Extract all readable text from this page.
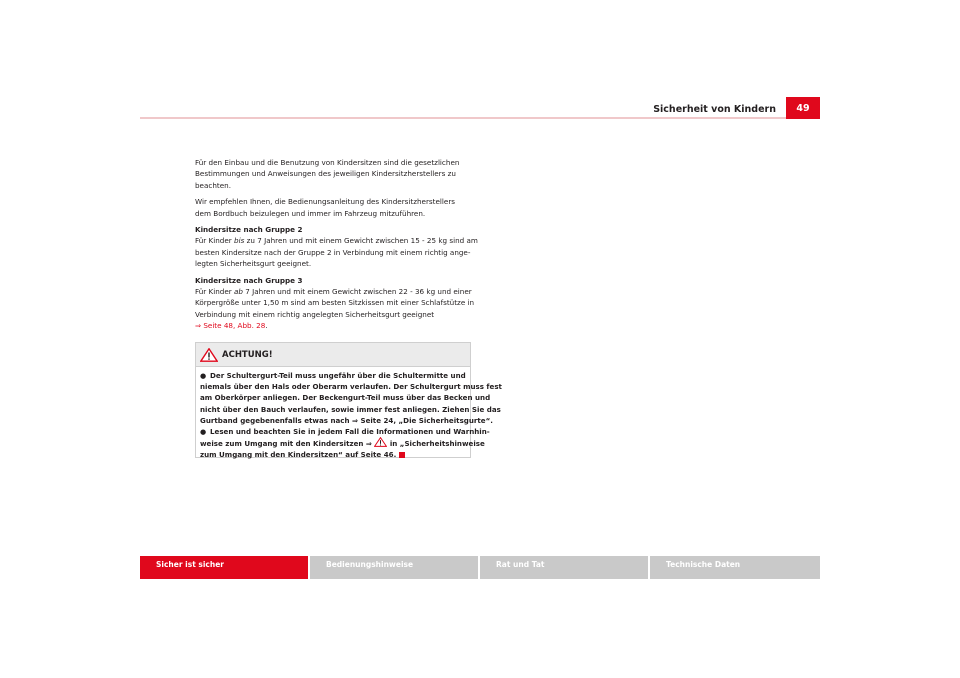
Sicherheit von Kindern	49
Für den Einbau und die Benutzung von Kindersitzen sind die gesetzlichen
Bestimmungen und Anweisungen des jeweiligen Kindersitzherstellers zu
beachten.
Wir empfehlen Ihnen, die Bedienungsanleitung des Kindersitzherstellers
dem Bordbuch beizulegen und immer im Fahrzeug mitzuführen.
Kindersitze nach Gruppe 2
Für Kinder bis zu 7 Jahren und mit einem Gewicht zwischen 15 - 25 kg sind am
besten Kindersitze nach der Gruppe 2 in Verbindung mit einem richtig ange-
legten Sicherheitsgurt geeignet.
Kindersitze nach Gruppe 3
Für Kinder ab 7 Jahren und mit einem Gewicht zwischen 22 - 36 kg und einer
Körpergröße unter 1,50 m sind am besten Sitzkissen mit einer Schlafstütze in
Verbindung mit einem richtig angelegten Sicherheitsgurt geeignet
⇒ Seite 48, Abb. 28.
ACHTUNG!
● Der Schultergurt-Teil muss ungefähr über die Schultermitte und
niemals über den Hals oder Oberarm verlaufen. Der Schultergurt muss fest
am Oberkörper anliegen. Der Beckengurt-Teil muss über das Becken und
nicht über den Bauch verlaufen, sowie immer fest anliegen. Ziehen Sie das
Gurtband gegebenenfalls etwas nach ⇒ Seite 24, „Die Sicherheitsgurte“.
● Lesen und beachten Sie in jedem Fall die Informationen und Warnhin-
weise zum Umgang mit den Kindersitzen ⇒  in „Sicherheitshinweise
zum Umgang mit den Kindersitzen“ auf Seite 46.
Sicher ist sicher	Bedienungshinweise	Rat und Tat	Technische Daten
